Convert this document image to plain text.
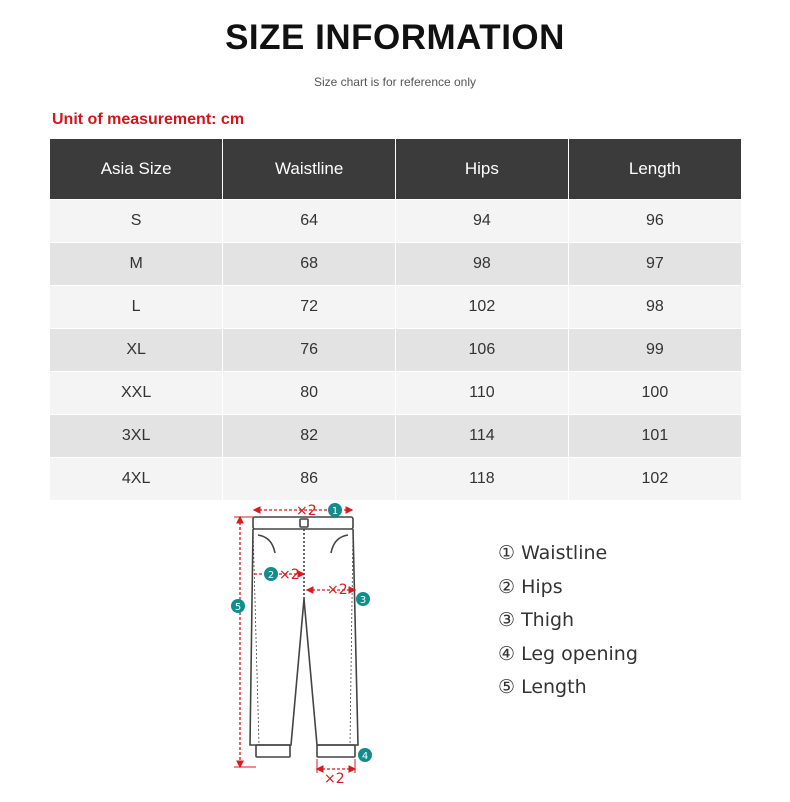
SIZE INFORMATION
Size chart is for reference only
Unit of measurement: cm
Asia Size	Waistline	Hips	Length
S	64	94	96
M	68	98	97
L	72	102	98
XL	76	106	99
XXL	80	110	100
3XL	82	114	101
4XL	86	118	102
×2 1
2 ×2
×2
3
5
×2
4
① Waistline
② Hips
③ Thigh
④ Leg opening
⑤ Length
